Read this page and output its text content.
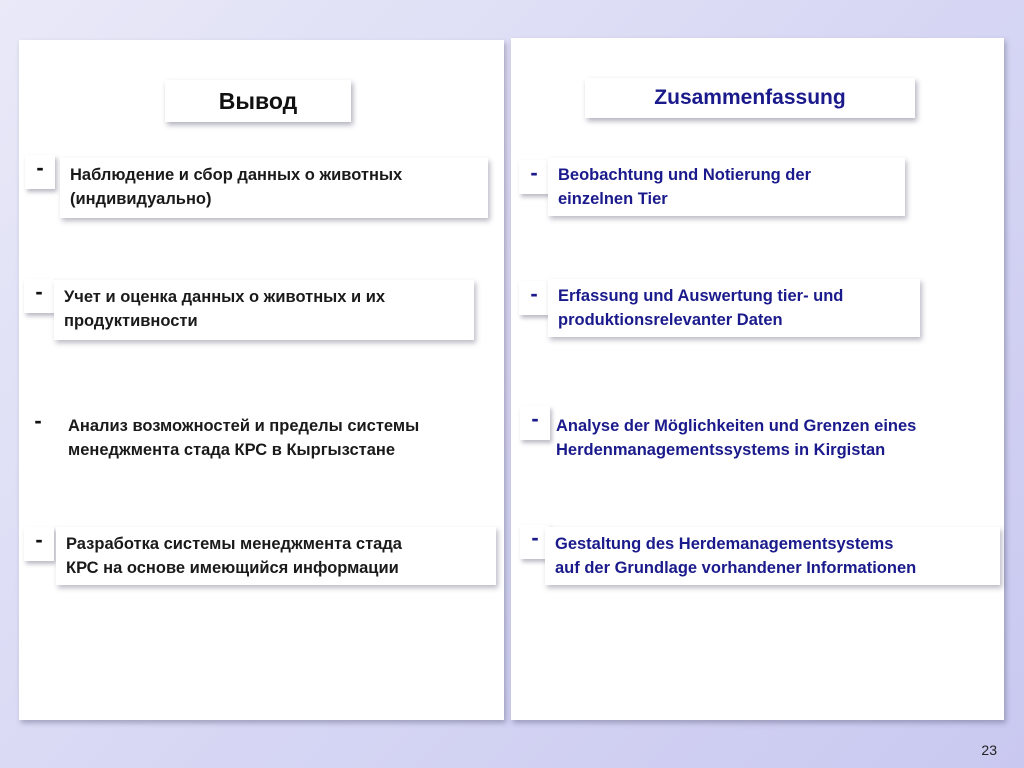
Вывод	Zusammenfassung
-	Наблюдение и сбор данных о животных
(индивидуально)
-	Учет и оценка данных о животных и их
продуктивности
-	Анализ возможностей и пределы системы
менеджмента стада КРС в Кыргызстане
-	Разработка системы менеджмента стада
КРС на основе имеющийся информации
-	Beobachtung und Notierung der
einzelnen Tier
-	Erfassung und Auswertung tier- und
produktionsrelevanter Daten
-	Analyse der Möglichkeiten und Grenzen eines
Herdenmanagementssystems in Kirgistan
- Gestaltung des Herdemanagementsystems
auf der Grundlage vorhandener Informationen
23
